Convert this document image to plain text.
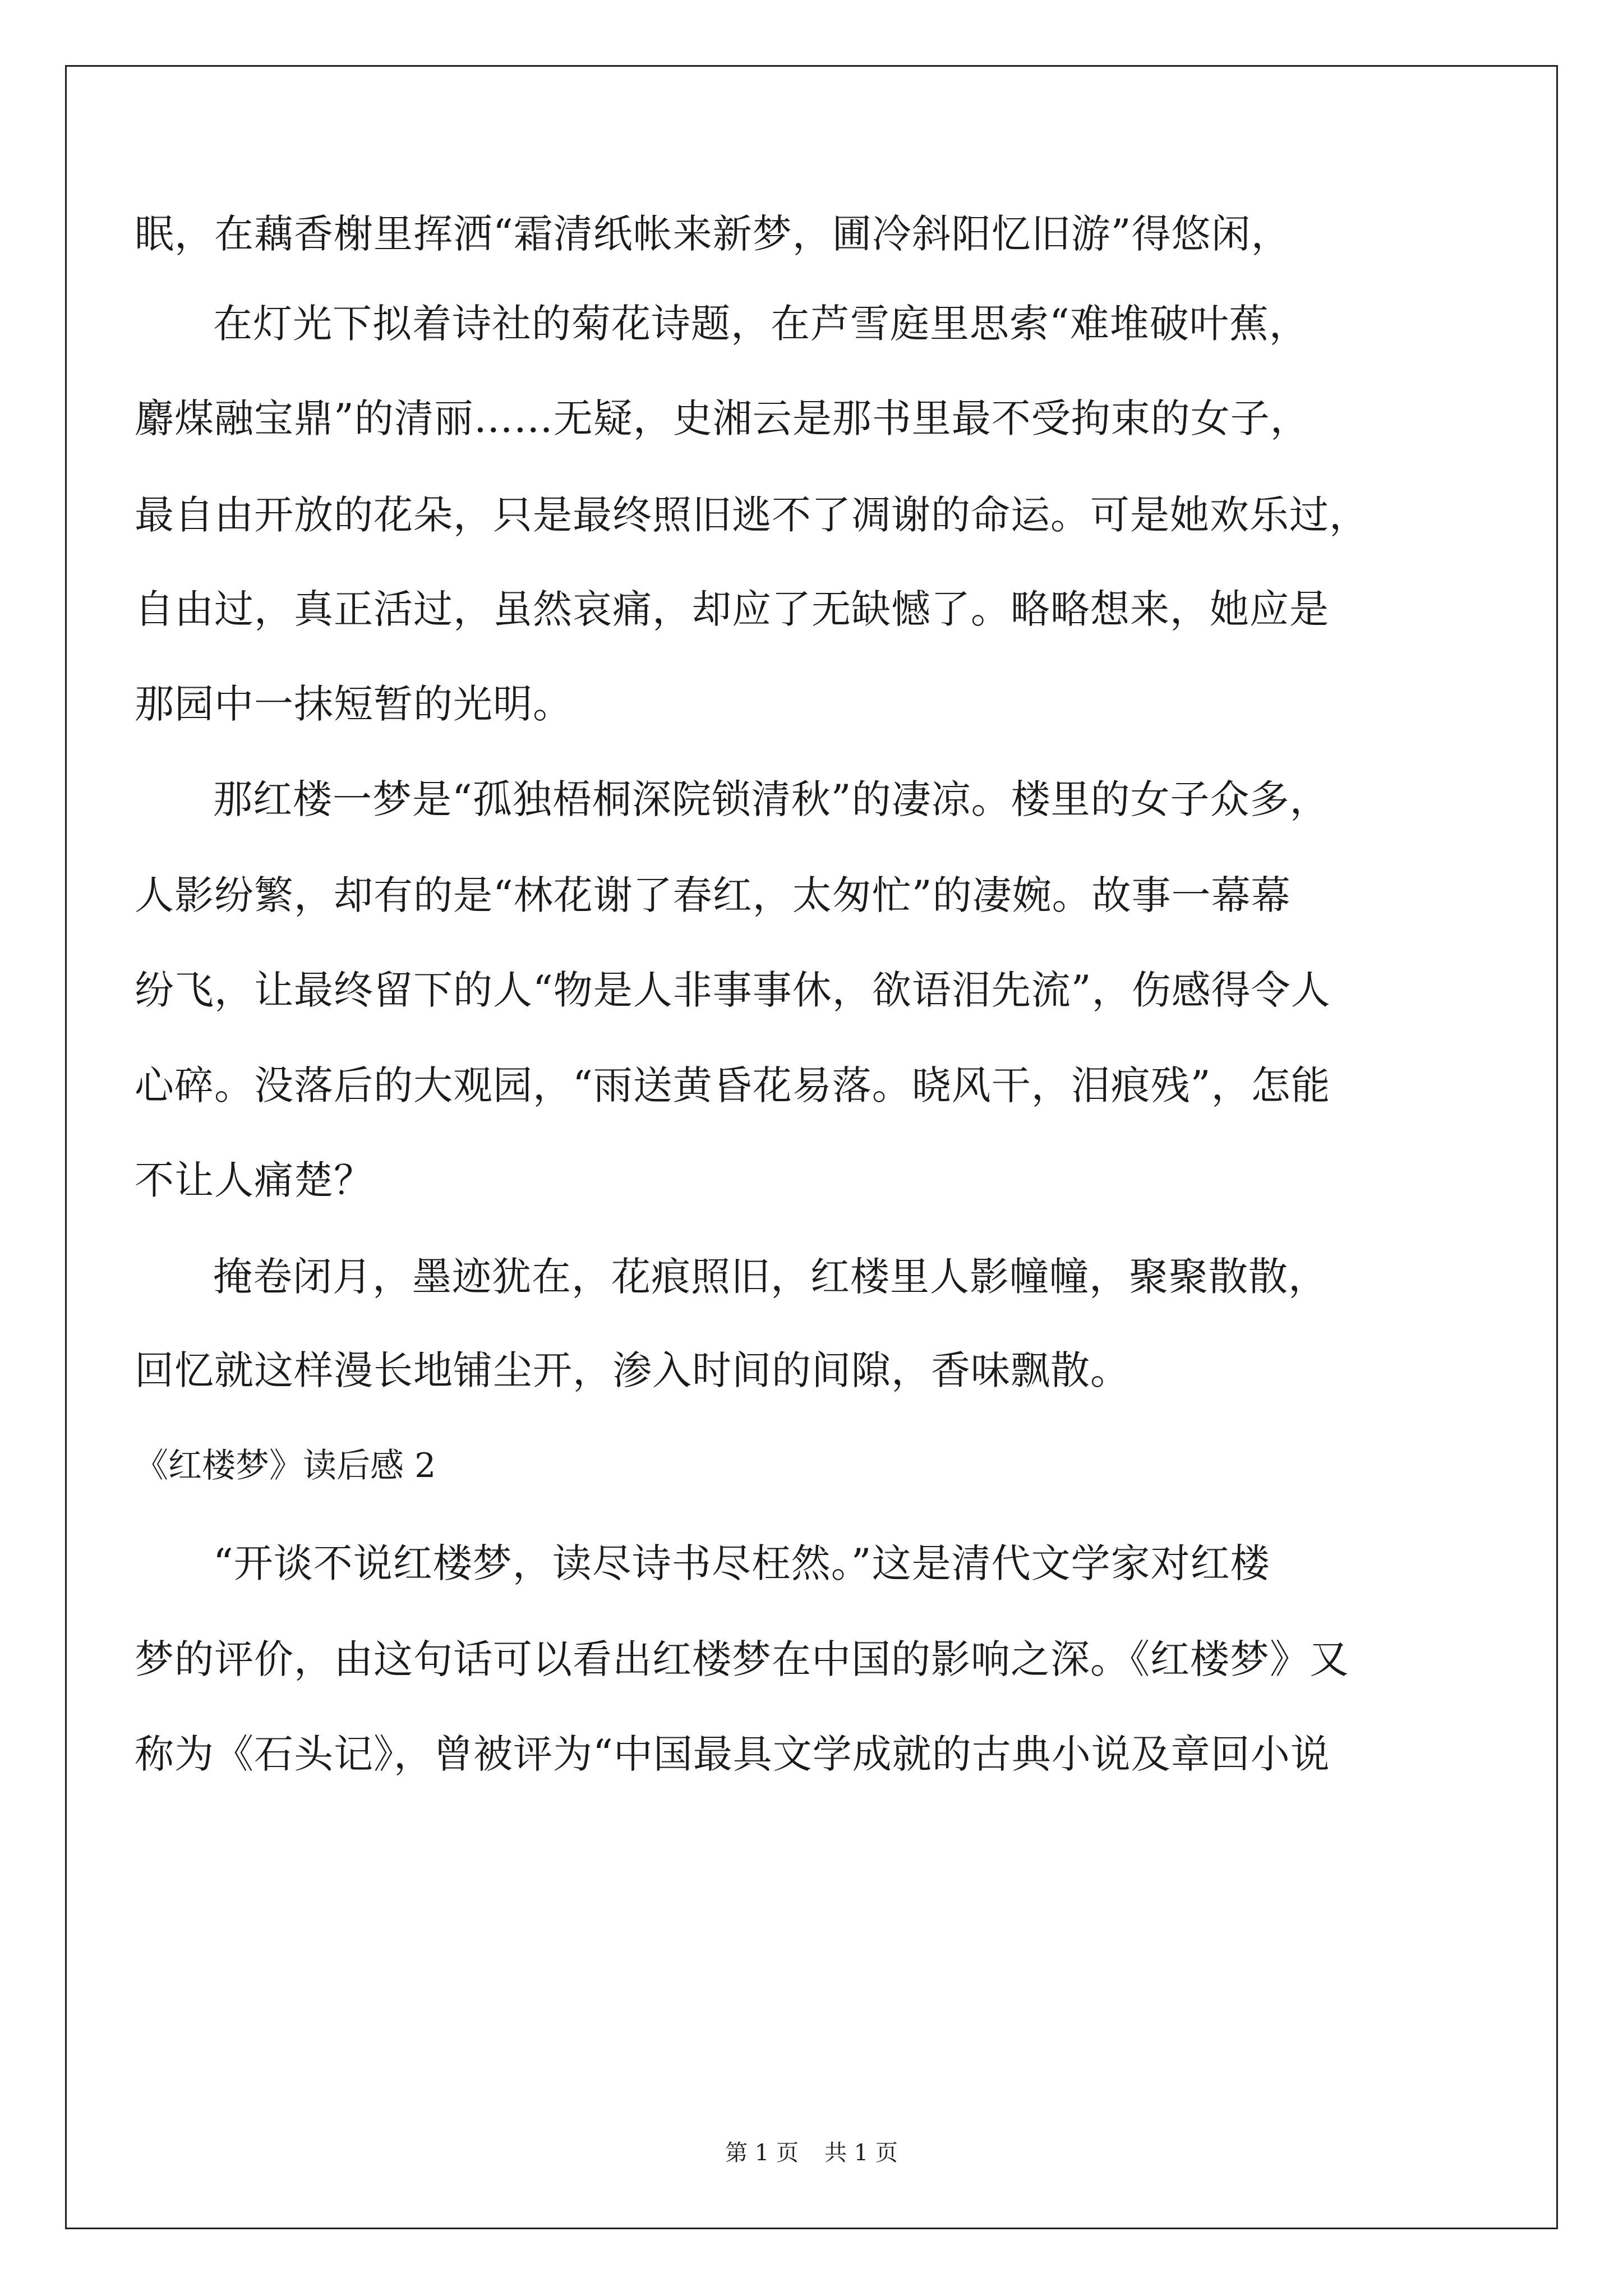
眠，在藕香榭里挥洒“霜清纸帐来新梦，圃冷斜阳忆旧游”得悠闲，
在灯光下拟着诗社的菊花诗题，在芦雪庭里思索“难堆破叶蕉，
麝煤融宝鼎”的清丽……无疑，史湘云是那书里最不受拘束的女子，
最自由开放的花朵，只是最终照旧逃不了凋谢的命运。可是她欢乐过，
自由过，真正活过，虽然哀痛，却应了无缺憾了。略略想来，她应是
那园中一抹短暂的光明。
那红楼一梦是“孤独梧桐深院锁清秋”的凄凉。楼里的女子众多，
人影纷繁，却有的是“林花谢了春红，太匆忙”的凄婉。故事一幕幕
纷飞，让最终留下的人“物是人非事事休，欲语泪先流”，伤感得令人
心碎。没落后的大观园，“雨送黄昏花易落。晓风干，泪痕残”，怎能
不让人痛楚？
掩卷闭月，墨迹犹在，花痕照旧，红楼里人影幢幢，聚聚散散，
回忆就这样漫长地铺尘开，渗入时间的间隙，香味飘散。
《红楼梦》读后感 2
“开谈不说红楼梦，读尽诗书尽枉然。”这是清代文学家对红楼
梦的评价，由这句话可以看出红楼梦在中国的影响之深。《红楼梦》又
称为《石头记》，曾被评为“中国最具文学成就的古典小说及章回小说
第 1 页 共 1 页
